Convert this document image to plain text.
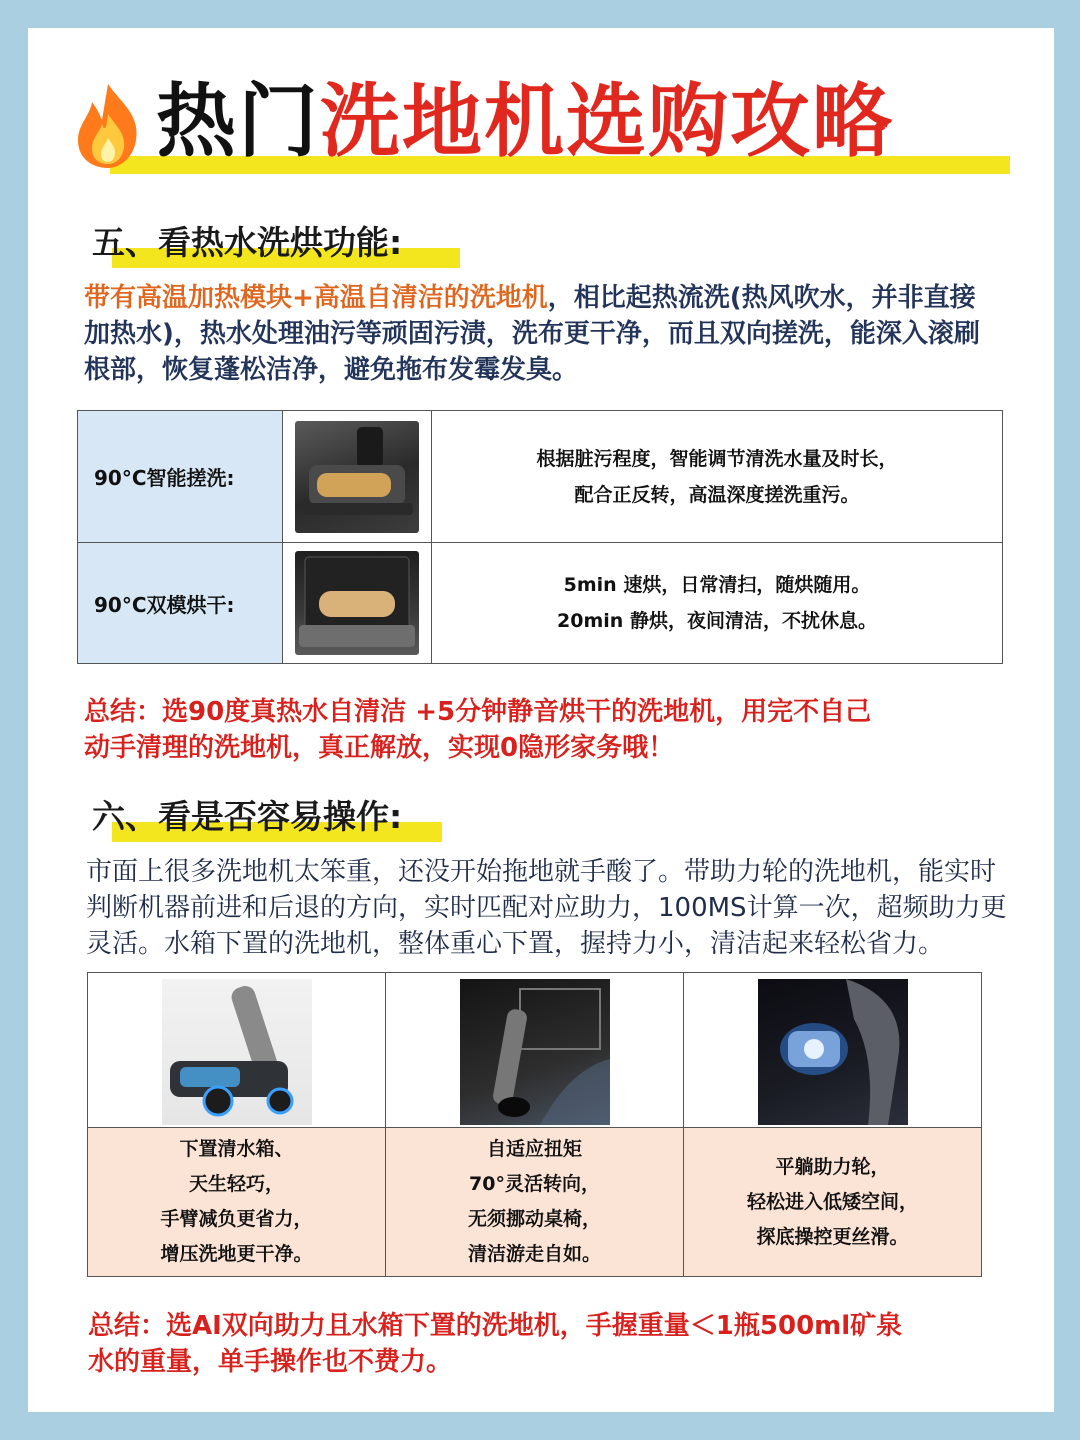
热门洗地机选购攻略
五、看热水洗烘功能:
带有高温加热模块+高温自清洁的洗地机，相比起热流洗(热风吹水，并非直接加热水)，热水处理油污等顽固污渍，洗布更干净，而且双向搓洗，能深入滚刷根部，恢复蓬松洁净，避免拖布发霉发臭。
90°C智能搓洗:		根据脏污程度，智能调节清洗水量及时长，
配合正反转，高温深度搓洗重污。

90°C双模烘干:		5min 速烘，日常清扫，随烘随用。
20min 静烘，夜间清洁，不扰休息。
总结：选90度真热水自清洁 +5分钟静音烘干的洗地机，用完不自己
动手清理的洗地机，真正解放，实现0隐形家务哦！
六、看是否容易操作:
市面上很多洗地机太笨重，还没开始拖地就手酸了。带助力轮的洗地机，能实时判断机器前进和后退的方向，实时匹配对应助力，100MS计算一次，超频助力更灵活。水箱下置的洗地机，整体重心下置，握持力小，清洁起来轻松省力。

下置清水箱、
天生轻巧，
手臂减负更省力，
增压洗地更干净。	自适应扭矩
70°灵活转向，
无须挪动桌椅，
清洁游走自如。	平躺助力轮，
轻松进入低矮空间，
探底操控更丝滑。
总结：选AI双向助力且水箱下置的洗地机，手握重量＜1瓶500ml矿泉
水的重量，单手操作也不费力。
